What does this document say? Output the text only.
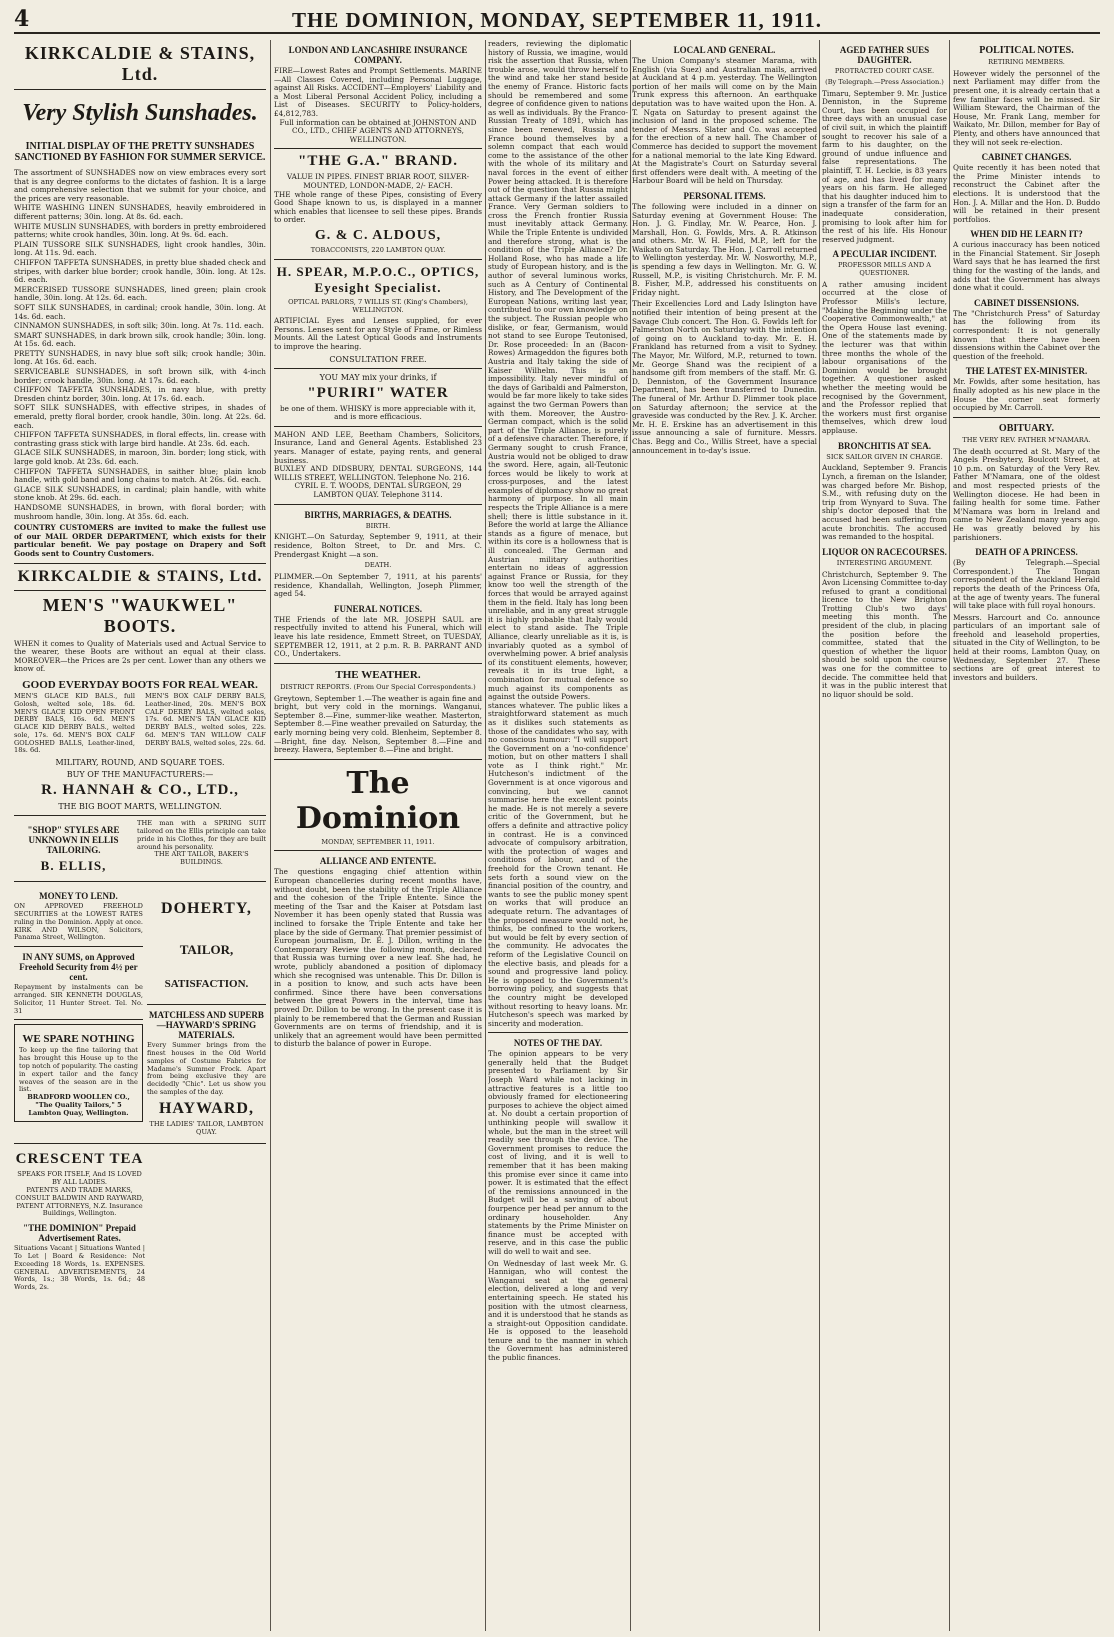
4	THE DOMINION, MONDAY, SEPTEMBER 11, 1911.
KIRKCALDIE & STAINS, Ltd.
Very Stylish Sunshades.
INITIAL DISPLAY OF THE PRETTY SUNSHADES SANCTIONED BY FASHION FOR SUMMER SERVICE.

The assortment of SUNSHADES now on view embraces every sort that is any degree conforms to the dictates of fashion. It is a large and comprehensive selection that we submit for your choice, and the prices are very reasonable.

WHITE WASHING LINEN SUNSHADES, heavily embroidered in different patterns; 30in. long. At 8s. 6d. each.

WHITE MUSLIN SUNSHADES, with borders in pretty embroidered patterns; white crook handles, 30in. long. At 9s. 6d. each.

PLAIN TUSSORE SILK SUNSHADES, light crook handles, 30in. long. At 11s. 9d. each.

CHIFFON TAFFETA SUNSHADES, in pretty blue shaded check and stripes, with darker blue border; crook handle, 30in. long. At 12s. 6d. each.

MERCERISED TUSSORE SUNSHADES, lined green; plain crook handle, 30in. long. At 12s. 6d. each.

SOFT SILK SUNSHADES, in cardinal; crook handle, 30in. long. At 14s. 6d. each.

CINNAMON SUNSHADES, in soft silk; 30in. long. At 7s. 11d. each.

SMART SUNSHADES, in dark brown silk, crook handle; 30in. long. At 15s. 6d. each.

PRETTY SUNSHADES, in navy blue soft silk; crook handle; 30in. long. At 16s. 6d. each.

SERVICEABLE SUNSHADES, in soft brown silk, with 4-inch border; crook handle, 30in. long. At 17s. 6d. each.

CHIFFON TAFFETA SUNSHADES, in navy blue, with pretty Dresden chintz border, 30in. long. At 17s. 6d. each.

SOFT SILK SUNSHADES, with effective stripes, in shades of emerald, pretty floral border, crook handle, 30in. long. At 22s. 6d. each.

CHIFFON TAFFETA SUNSHADES, in floral effects, lin. crease with contrasting grass stick with large bird handle. At 23s. 6d. each.

GLACE SILK SUNSHADES, in maroon, 3in. border; long stick, with large gold knob. At 23s. 6d. each.

CHIFFON TAFFETA SUNSHADES, in saither blue; plain knob handle, with gold band and long chains to match. At 26s. 6d. each.

GLACE SILK SUNSHADES, in cardinal; plain handle, with white stone knob. At 29s. 6d. each.

HANDSOME SUNSHADES, in brown, with floral border; with mushroom handle, 30in. long. At 35s. 6d. each.

COUNTRY CUSTOMERS are invited to make the fullest use of our MAIL ORDER DEPARTMENT, which exists for their particular benefit. We pay postage on Drapery and Soft Goods sent to Country Customers.

KIRKCALDIE & STAINS, Ltd.
MEN'S "WAUKWEL" BOOTS.

WHEN it comes to Quality of Materials used and Actual Service to the wearer, these Boots are without an equal at their class. MOREOVER—the Prices are 2s per cent. Lower than any others we know of.

GOOD EVERYDAY BOOTS FOR REAL WEAR.

MEN'S GLACE KID BALS., full Golosh, welted sole, 18s. 6d. MEN'S GLACE KID OPEN FRONT DERBY BALS, 16s. 6d. MEN'S GLACE KID DERBY BALS., welted sole, 17s. 6d. MEN'S BOX CALF GOLOSHED BALLS, Leather-lined, 18s. 6d.

MEN'S BOX CALF DERBY BALS, Leather-lined, 20s. MEN'S BOX CALF DERBY BALS, welted soles, 17s. 6d. MEN'S TAN GLACE KID DERBY BALS., welted soles, 22s. 6d. MEN'S TAN WILLOW CALF DERBY BALS, welted soles, 22s. 6d.

MILITARY, ROUND, AND SQUARE TOES.
BUY OF THE MANUFACTURERS:—
R. HANNAH & CO., LTD.,
THE BIG BOOT MARTS, WELLINGTON.
"SHOP" STYLES ARE UNKNOWN IN ELLIS TAILORING.
B. ELLIS,

THE man with a SPRING SUIT tailored on the Ellis principle can take pride in his Clothes, for they are built around his personality.

THE ART TAILOR, BAKER'S BUILDINGS.

MONEY TO LEND.

ON APPROVED FREEHOLD SECURITIES at the LOWEST RATES ruling in the Dominion. Apply at once. KIRK AND WILSON, Solicitors, Panama Street, Wellington.

IN ANY SUMS, on Approved Freehold Security from 4½ per cent.

Repayment by instalments can be arranged. SIR KENNETH DOUGLAS, Solicitor, 11 Hunter Street. Tel. No. 31

WE SPARE NOTHING

To keep up the fine tailoring that has brought this House up to the top notch of popularity. The casting in expert tailor and the fancy weaves of the season are in the list.

BRADFORD WOOLLEN CO., "The Quality Tailors," 5 Lambton Quay, Wellington.

DOHERTY,
TAILOR,
SATISFACTION.
MATCHLESS AND SUPERB—HAYWARD'S SPRING MATERIALS.

Every Summer brings from the finest houses in the Old World samples of Costume Fabrics for Madame's Summer Frock. Apart from being exclusive they are decidedly "Chic". Let us show you the samples of the day.

HAYWARD,
THE LADIES' TAILOR, LAMBTON QUAY.
CRESCENT TEA

SPEAKS FOR ITSELF, And IS LOVED BY ALL LADIES.

PATENTS AND TRADE MARKS, CONSULT BALDWIN AND RAYWARD, PATENT ATTORNEYS, N.Z. Insurance Buildings, Wellington.

"THE DOMINION" Prepaid Advertisement Rates.

Situations Vacant | Situations Wanted | To Let | Board & Residence: Not Exceeding 18 Words, 1s. EXPENSES. GENERAL ADVERTISEMENTS, 24 Words, 1s.; 38 Words, 1s. 6d.; 48 Words, 2s.

LONDON AND LANCASHIRE INSURANCE COMPANY.

FIRE—Lowest Rates and Prompt Settlements. MARINE—All Classes Covered, including Personal Luggage, against All Risks. ACCIDENT—Employers' Liability and a Most Liberal Personal Accident Policy, including a List of Diseases. SECURITY to Policy-holders, £4,812,783.

Full information can be obtained at JOHNSTON AND CO., LTD., CHIEF AGENTS AND ATTORNEYS, WELLINGTON.

"THE G.A." BRAND.

VALUE IN PIPES. FINEST BRIAR ROOT, SILVER-MOUNTED, LONDON-MADE, 2/- EACH.

THE whole range of these Pipes, consisting of Every Good Shape known to us, is displayed in a manner which enables that licensee to sell these pipes. Brands to order.

G. & C. ALDOUS,
TOBACCONISTS, 220 LAMBTON QUAY.
H. SPEAR, M.P.O.C., OPTICS, Eyesight Specialist.
OPTICAL PARLORS, 7 WILLIS ST. (King's Chambers), WELLINGTON.

ARTIFICIAL Eyes and Lenses supplied, for ever Persons. Lenses sent for any Style of Frame, or Rimless Mounts. All the Latest Optical Goods and Instruments to improve the hearing.

CONSULTATION FREE.
YOU MAY mix your drinks, if
"PURIRI" WATER

be one of them. WHISKY is more appreciable with it, and is more efficacious.

MAHON AND LEE, Beetham Chambers, Solicitors, Insurance, Land and General Agents. Established 23 years. Manager of estate, paying rents, and general business.

BUXLEY AND DIDSBURY, DENTAL SURGEONS, 144 WILLIS STREET, WELLINGTON. Telephone No. 216.

CYRIL E. T. WOODS, DENTAL SURGEON, 29 LAMBTON QUAY. Telephone 3114.

BIRTHS, MARRIAGES, & DEATHS.
BIRTH.

KNIGHT.—On Saturday, September 9, 1911, at their residence, Bolton Street, to Dr. and Mrs. C. Prendergast Knight —a son.

DEATH.

PLIMMER.—On September 7, 1911, at his parents' residence, Khandallah, Wellington, Joseph Plimmer, aged 54.

FUNERAL NOTICES.

THE Friends of the late MR. JOSEPH SAUL are respectfully invited to attend his Funeral, which will leave his late residence, Emmett Street, on TUESDAY, SEPTEMBER 12, 1911, at 2 p.m. R. B. PARRANT AND CO., Undertakers.

THE WEATHER.
DISTRICT REPORTS. (From Our Special Correspondents.)

Greytown, September 1.—The weather is again fine and bright, but very cold in the mornings. Wanganui, September 8.—Fine, summer-like weather. Masterton, September 8.—Fine weather prevailed on Saturday, the early morning being very cold. Blenheim, September 8.—Bright, fine day. Nelson, September 8.—Fine and breezy. Hawera, September 8.—Fine and bright.

The Dominion
MONDAY, SEPTEMBER 11, 1911.
ALLIANCE AND ENTENTE.

The questions engaging chief attention within European chancelleries during recent months have, without doubt, been the stability of the Triple Alliance and the cohesion of the Triple Entente. Since the meeting of the Tsar and the Kaiser at Potsdam last November it has been openly stated that Russia was inclined to forsake the Triple Entente and take her place by the side of Germany. That premier pessimist of European journalism, Dr. E. J. Dillon, writing in the Contemporary Review the following month, declared that Russia was turning over a new leaf. She had, he wrote, publicly abandoned a position of diplomacy which she recognised was untenable. This Dr. Dillon is in a position to know, and such acts have been confirmed. Since there have been conversations between the great Powers in the interval, time has proved Dr. Dillon to be wrong. In the present case it is plainly to be remembered that the German and Russian Governments are on terms of friendship, and it is unlikely that an agreement would have been permitted to disturb the balance of power in Europe.

readers, reviewing the diplomatic history of Russia, we imagine, would risk the assertion that Russia, when trouble arose, would throw herself to the wind and take her stand beside the enemy of France. Historic facts should be remembered and some degree of confidence given to nations as well as individuals. By the Franco-Russian Treaty of 1891, which has since been renewed, Russia and France bound themselves by a solemn compact that each would come to the assistance of the other with the whole of its military and naval forces in the event of either Power being attacked. It is therefore out of the question that Russia might attack Germany if the latter assailed France. Very German soldiers to cross the French frontier Russia must inevitably attack Germany. While the Triple Entente is undivided and therefore strong, what is the condition of the Triple Alliance? Dr. Holland Rose, who has made a life study of European history, and is the author of several luminous works, such as A Century of Continental History, and The Development of the European Nations, writing last year, contributed to our own knowledge on the subject. The Russian people who dislike, or fear, Germanism, would not stand to see Europe Teutonised, Dr. Rose proceeded: In an (Bacon-Rowes) Armageddon the figures both Austria and Italy taking the side of Kaiser Wilhelm. This is an impossibility. Italy never mindful of the days of Garibaldi and Palmerston, would be far more likely to take sides against the two German Powers than with them. Moreover, the Austro-German compact, which is the solid part of the Triple Alliance, is purely of a defensive character. Therefore, if Germany sought to crush France, Austria would not be obliged to draw the sword. Here, again, all-Teutonic forces would be likely to work at cross-purposes, and the latest examples of diplomacy show no great harmony of purpose. In all main respects the Triple Alliance is a mere shell; there is little substance in it. Before the world at large the Alliance stands as a figure of menace, but within its core is a hollowness that is ill concealed. The German and Austrian military authorities entertain no ideas of aggression against France or Russia, for they know too well the strength of the forces that would be arrayed against them in the field. Italy has long been unreliable, and in any great struggle it is highly probable that Italy would elect to stand aside. The Triple Alliance, clearly unreliable as it is, is invariably quoted as a symbol of overwhelming power. A brief analysis of its constituent elements, however, reveals it in its true light, a combination for mutual defence so much against its components as against the outside Powers.

stances whatever. The public likes a straightforward statement as much as it dislikes such statements as those of the candidates who say, with no conscious humour: "I will support the Government on a 'no-confidence' motion, but on other matters I shall vote as I think right." Mr. Hutcheson's indictment of the Government is at once vigorous and convincing, but we cannot summarise here the excellent points he made. He is not merely a severe critic of the Government, but he offers a definite and attractive policy in contrast. He is a convinced advocate of compulsory arbitration, with the protection of wages and conditions of labour, and of the freehold for the Crown tenant. He sets forth a sound view on the financial position of the country, and wants to see the public money spent on works that will produce an adequate return. The advantages of the proposed measure would not, he thinks, be confined to the workers, but would be felt by every section of the community. He advocates the reform of the Legislative Council on the elective basis, and pleads for a sound and progressive land policy. He is opposed to the Government's borrowing policy, and suggests that the country might be developed without resorting to heavy loans. Mr. Hutcheson's speech was marked by sincerity and moderation.

NOTES OF THE DAY.

The opinion appears to be very generally held that the Budget presented to Parliament by Sir Joseph Ward while not lacking in attractive features is a little too obviously framed for electioneering purposes to achieve the object aimed at. No doubt a certain proportion of unthinking people will swallow it whole, but the man in the street will readily see through the device. The Government promises to reduce the cost of living, and it is well to remember that it has been making this promise ever since it came into power. It is estimated that the effect of the remissions announced in the Budget will be a saving of about fourpence per head per annum to the ordinary householder. Any statements by the Prime Minister on finance must be accepted with reserve, and in this case the public will do well to wait and see.

On Wednesday of last week Mr. G. Hannigan, who will contest the Wanganui seat at the general election, delivered a long and very entertaining speech. He stated his position with the utmost clearness, and it is understood that he stands as a straight-out Opposition candidate. He is opposed to the leasehold tenure and to the manner in which the Government has administered the public finances.

LOCAL AND GENERAL.

The Union Company's steamer Marama, with English (via Suez) and Australian mails, arrived at Auckland at 4 p.m. yesterday. The Wellington portion of her mails will come on by the Main Trunk express this afternoon. An earthquake deputation was to have waited upon the Hon. A. T. Ngata on Saturday to present against the inclusion of land in the proposed scheme. The tender of Messrs. Slater and Co. was accepted for the erection of a new hall. The Chamber of Commerce has decided to support the movement for a national memorial to the late King Edward. At the Magistrate's Court on Saturday several first offenders were dealt with. A meeting of the Harbour Board will be held on Thursday.

PERSONAL ITEMS.

The following were included in a dinner on Saturday evening at Government House: The Hon. J. G. Findlay, Mr. W. Pearce, Hon. J. Marshall, Hon. G. Fowlds, Mrs. A. R. Atkinson and others. Mr. W. H. Field, M.P., left for the Waikato on Saturday. The Hon. J. Carroll returned to Wellington yesterday. Mr. W. Nosworthy, M.P., is spending a few days in Wellington. Mr. G. W. Russell, M.P., is visiting Christchurch. Mr. F. M. B. Fisher, M.P., addressed his constituents on Friday night.

Their Excellencies Lord and Lady Islington have notified their intention of being present at the Savage Club concert. The Hon. G. Fowlds left for Palmerston North on Saturday with the intention of going on to Auckland to-day. Mr. E. H. Frankland has returned from a visit to Sydney. The Mayor, Mr. Wilford, M.P., returned to town. Mr. George Shand was the recipient of a handsome gift from members of the staff. Mr. G. D. Denniston, of the Government Insurance Department, has been transferred to Dunedin. The funeral of Mr. Arthur D. Plimmer took place on Saturday afternoon; the service at the graveside was conducted by the Rev. J. K. Archer. Mr. H. E. Erskine has an advertisement in this issue announcing a sale of furniture. Messrs. Chas. Begg and Co., Willis Street, have a special announcement in to-day's issue.

POLITICAL NOTES.
RETIRING MEMBERS.

However widely the personnel of the next Parliament may differ from the present one, it is already certain that a few familiar faces will be missed. Sir William Steward, the Chairman of the House, Mr. Frank Lang, member for Waikato, Mr. Dillon, member for Bay of Plenty, and others have announced that they will not seek re-election.

CABINET CHANGES.

Quite recently it has been noted that the Prime Minister intends to reconstruct the Cabinet after the elections. It is understood that the Hon. J. A. Millar and the Hon. D. Buddo will be retained in their present portfolios.

WHEN DID HE LEARN IT?

A curious inaccuracy has been noticed in the Financial Statement. Sir Joseph Ward says that he has learned the first thing for the wasting of the lands, and adds that the Government has always done what it could.

CABINET DISSENSIONS.

The "Christchurch Press" of Saturday has the following from its correspondent: It is not generally known that there have been dissensions within the Cabinet over the question of the freehold.

THE LATEST EX-MINISTER.

Mr. Fowlds, after some hesitation, has finally adopted as his new place in the House the corner seat formerly occupied by Mr. Carroll.

OBITUARY.
THE VERY REV. FATHER M'NAMARA.

The death occurred at St. Mary of the Angels Presbytery, Boulcott Street, at 10 p.m. on Saturday of the Very Rev. Father M'Namara, one of the oldest and most respected priests of the Wellington diocese. He had been in failing health for some time. Father M'Namara was born in Ireland and came to New Zealand many years ago. He was greatly beloved by his parishioners.

DEATH OF A PRINCESS.

(By Telegraph.—Special Correspondent.) The Tongan correspondent of the Auckland Herald reports the death of the Princess Ofa, at the age of twenty years. The funeral will take place with full royal honours.

Messrs. Harcourt and Co. announce particulars of an important sale of freehold and leasehold properties, situated in the City of Wellington, to be held at their rooms, Lambton Quay, on Wednesday, September 27. These sections are of great interest to investors and builders.

AGED FATHER SUES DAUGHTER.
PROTRACTED COURT CASE.
(By Telegraph.—Press Association.)

Timaru, September 9. Mr. Justice Denniston, in the Supreme Court, has been occupied for three days with an unusual case of civil suit, in which the plaintiff sought to recover his sale of a farm to his daughter, on the ground of undue influence and false representations. The plaintiff, T. H. Leckie, is 83 years of age, and has lived for many years on his farm. He alleged that his daughter induced him to sign a transfer of the farm for an inadequate consideration, promising to look after him for the rest of his life. His Honour reserved judgment.

A PECULIAR INCIDENT.
PROFESSOR MILLS AND A QUESTIONER.

A rather amusing incident occurred at the close of Professor Mills's lecture, "Making the Beginning under the Cooperative Commonwealth," at the Opera House last evening. One of the statements made by the lecturer was that within three months the whole of the labour organisations of the Dominion would be brought together. A questioner asked whether the meeting would be recognised by the Government, and the Professor replied that the workers must first organise themselves, which drew loud applause.

BRONCHITIS AT SEA.
SICK SAILOR GIVEN IN CHARGE.

Auckland, September 9. Francis Lynch, a fireman on the Islander, was charged before Mr. Bishop, S.M., with refusing duty on the trip from Wynyard to Suva. The ship's doctor deposed that the accused had been suffering from acute bronchitis. The accused was remanded to the hospital.

LIQUOR ON RACECOURSES.
INTERESTING ARGUMENT.

Christchurch, September 9. The Avon Licensing Committee to-day refused to grant a conditional licence to the New Brighton Trotting Club's two days' meeting this month. The president of the club, in placing the position before the committee, stated that the question of whether the liquor should be sold upon the course was one for the committee to decide. The committee held that it was in the public interest that no liquor should be sold.
